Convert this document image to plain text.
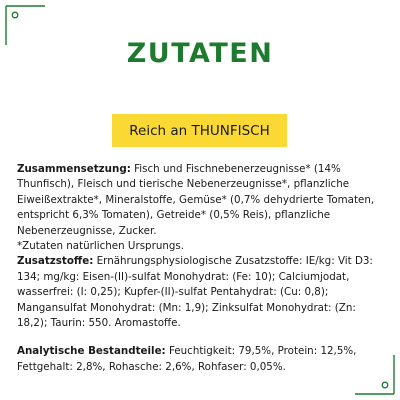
ZUTATEN
Reich an THUNFISCH

Zusammensetzung: Fisch und Fischnebenerzeugnisse* (14% Thunfisch), Fleisch und tierische Nebenerzeugnisse*, pflanzliche Eiweißextrakte*, Mineralstoffe, Gemüse* (0,7% dehydrierte Tomaten, entspricht 6,3% Tomaten), Getreide* (0,5% Reis), pflanzliche Nebenerzeugnisse, Zucker.

*Zutaten natürlichen Ursprungs.

Zusatzstoffe: Ernährungsphysiologische Zusatzstoffe: IE/kg: Vit D3: 134; mg/kg: Eisen-(II)-sulfat Monohydrat: (Fe: 10); Calciumjodat, wasserfrei: (I: 0,25); Kupfer-(II)-sulfat Pentahydrat: (Cu: 0,8); Mangansulfat Monohydrat: (Mn: 1,9); Zinksulfat Monohydrat: (Zn: 18,2); Taurin: 550. Aromastoffe.

Analytische Bestandteile: Feuchtigkeit: 79,5%, Protein: 12,5%, Fettgehalt: 2,8%, Rohasche: 2,6%, Rohfaser: 0,05%.
